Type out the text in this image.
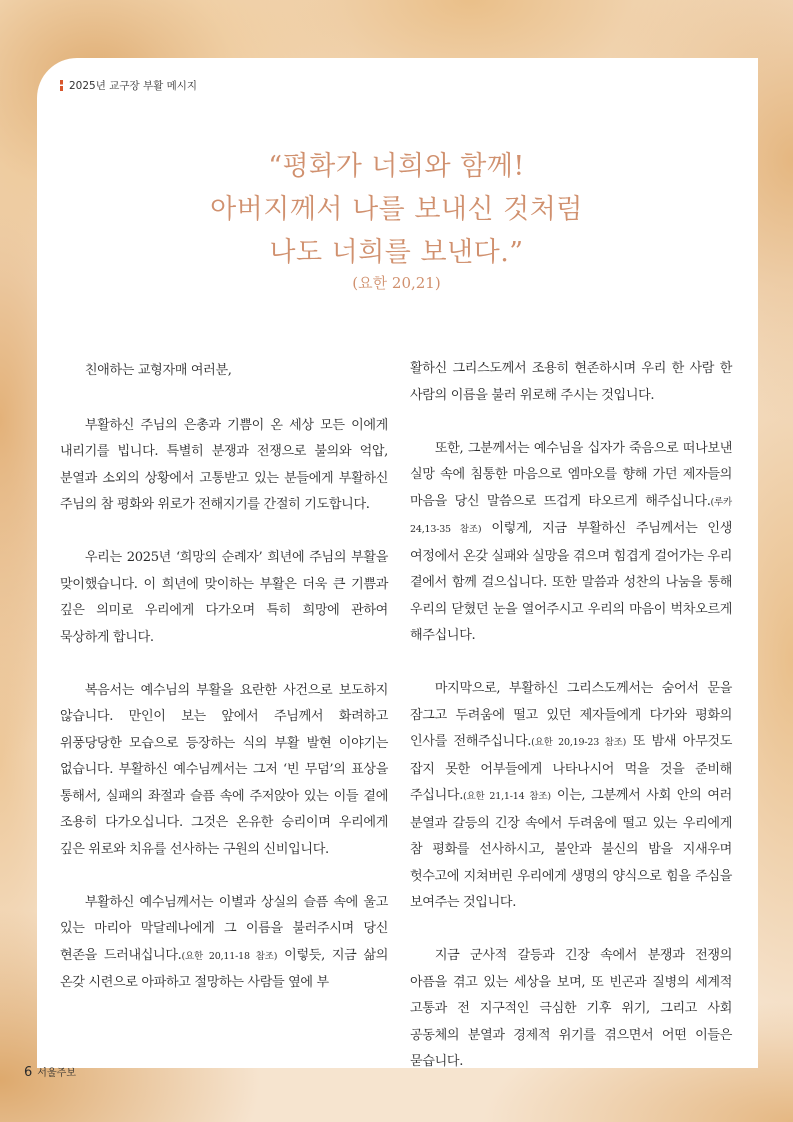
2025년 교구장 부활 메시지

“평화가 너희와 함께!

아버지께서 나를 보내신 것처럼

나도 너희를 보낸다.”

(요한 20,21)

친애하는 교형자매 여러분,

부활하신 주님의 은총과 기쁨이 온 세상 모든 이에게 내리기를 빕니다. 특별히 분쟁과 전쟁으로 불의와 억압, 분열과 소외의 상황에서 고통받고 있는 분들에게 부활하신 주님의 참 평화와 위로가 전해지기를 간절히 기도합니다.

우리는 2025년 ‘희망의 순례자’ 희년에 주님의 부활을 맞이했습니다. 이 희년에 맞이하는 부활은 더욱 큰 기쁨과 깊은 의미로 우리에게 다가오며 특히 희망에 관하여 묵상하게 합니다.

복음서는 예수님의 부활을 요란한 사건으로 보도하지 않습니다. 만인이 보는 앞에서 주님께서 화려하고 위풍당당한 모습으로 등장하는 식의 부활 발현 이야기는 없습니다. 부활하신 예수님께서는 그저 ‘빈 무덤’의 표상을 통해서, 실패의 좌절과 슬픔 속에 주저앉아 있는 이들 곁에 조용히 다가오십니다. 그것은 온유한 승리이며 우리에게 깊은 위로와 치유를 선사하는 구원의 신비입니다.

부활하신 예수님께서는 이별과 상실의 슬픔 속에 울고 있는 마리아 막달레나에게 그 이름을 불러주시며 당신 현존을 드러내십니다.(요한 20,11-18 참조) 이렇듯, 지금 삶의 온갖 시련으로 아파하고 절망하는 사람들 옆에 부

활하신 그리스도께서 조용히 현존하시며 우리 한 사람 한 사람의 이름을 불러 위로해 주시는 것입니다.

또한, 그분께서는 예수님을 십자가 죽음으로 떠나보낸 실망 속에 침통한 마음으로 엠마오를 향해 가던 제자들의 마음을 당신 말씀으로 뜨겁게 타오르게 해주십니다.(루카 24,13-35 참조) 이렇게, 지금 부활하신 주님께서는 인생 여정에서 온갖 실패와 실망을 겪으며 힘겹게 걸어가는 우리 곁에서 함께 걸으십니다. 또한 말씀과 성찬의 나눔을 통해 우리의 닫혔던 눈을 열어주시고 우리의 마음이 벅차오르게 해주십니다.

마지막으로, 부활하신 그리스도께서는 숨어서 문을 잠그고 두려움에 떨고 있던 제자들에게 다가와 평화의 인사를 전해주십니다.(요한 20,19-23 참조) 또 밤새 아무것도 잡지 못한 어부들에게 나타나시어 먹을 것을 준비해 주십니다.(요한 21,1-14 참조) 이는, 그분께서 사회 안의 여러 분열과 갈등의 긴장 속에서 두려움에 떨고 있는 우리에게 참 평화를 선사하시고, 불안과 불신의 밤을 지새우며 헛수고에 지쳐버린 우리에게 생명의 양식으로 힘을 주심을 보여주는 것입니다.

지금 군사적 갈등과 긴장 속에서 분쟁과 전쟁의 아픔을 겪고 있는 세상을 보며, 또 빈곤과 질병의 세계적 고통과 전 지구적인 극심한 기후 위기, 그리고 사회 공동체의 분열과 경제적 위기를 겪으면서 어떤 이들은 묻습니다.

6 서울주보
